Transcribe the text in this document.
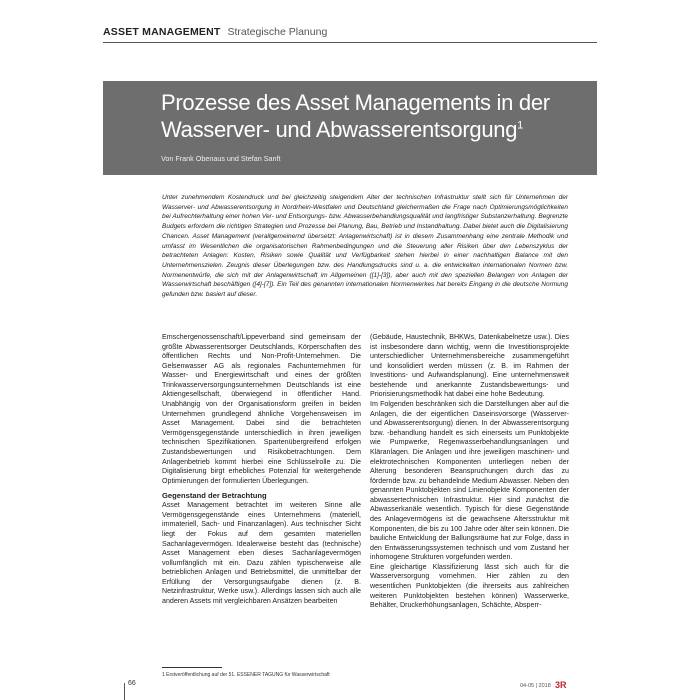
ASSET MANAGEMENT Strategische Planung
Prozesse des Asset Managements in der Wasserver- und Abwasserentsorgung$^1$
Von Frank Obenaus und Stefan Sanft

Unter zunehmendem Kostendruck und bei gleichzeitig steigendem Alter der technischen Infrastruktur stellt sich für Unternehmen der Wasserver- und Abwasserentsorgung in Nordrhein-Westfalen und Deutschland gleichermaßen die Frage nach Optimierungsmöglichkeiten bei Aufrechterhaltung einer hohen Ver- und Entsorgungs- bzw. Abwasserbehandlungsqualität und langfristiger Substanzerhaltung. Begrenzte Budgets erfordern die richtigen Strategien und Prozesse bei Planung, Bau, Betrieb und Instandhaltung. Dabei bietet auch die Digitalisierung Chancen. Asset Management (verallgemeinernd übersetzt: Anlagenwirtschaft) ist in diesem Zusammenhang eine zentrale Methodik und umfasst im Wesentlichen die organisatorischen Rahmenbedingungen und die Steuerung aller Risiken über den Lebenszyklus der betrachteten Anlagen: Kosten, Risiken sowie Qualität und Verfügbarkeit stehen hierbei in einer nachhaltigen Balance mit den Unternehmenszielen. Zeugnis dieser Überlegungen bzw. des Handlungsdrucks sind u. a. die entwickelten internationalen Normen bzw. Normenentwürfe, die sich mit der Anlagenwirtschaft im Allgemeinen ([1]-[3]), aber auch mit den speziellen Belangen von Anlagen der Wasserwirtschaft beschäftigen ([4]-[7]). Ein Teil des genannten internationalen Normenwerkes hat bereits Eingang in die deutsche Normung gefunden bzw. basiert auf dieser.

Emschergenossenschaft/Lippeverband sind gemeinsam der größte Abwasserentsorger Deutschlands, Körperschaften des öffentlichen Rechts und Non-Profit-Unternehmen. Die Gelsenwasser AG als regionales Fachunternehmen für Wasser- und Energiewirtschaft und eines der größten Trinkwasserversorgungsunternehmen Deutschlands ist eine Aktiengesellschaft, überwiegend in öffentlicher Hand. Unabhängig von der Organisationsform greifen in beiden Unternehmen grundlegend ähnliche Vorgehensweisen im Asset Management. Dabei sind die betrachteten Vermögensgegenstände unterschiedlich in ihren jeweiligen technischen Spezifikationen. Spartenübergreifend erfolgen Zustandsbewertungen und Risikobetrachtungen. Dem Anlagenbetrieb kommt hierbei eine Schlüsselrolle zu. Die Digitalisierung birgt erhebliches Potenzial für weitergehende Optimierungen der formulierten Überlegungen.

Gegenstand der Betrachtung

Asset Management betrachtet im weiteren Sinne alle Vermögensgegenstände eines Unternehmens (materiell, immateriell, Sach- und Finanzanlagen). Aus technischer Sicht liegt der Fokus auf dem gesamten materiellen Sachanlagevermögen. Idealerweise besteht das (technische) Asset Management eben dieses Sachanlagevermögen vollumfänglich mit ein. Dazu zählen typischerweise alle betrieblichen Anlagen und Betriebsmittel, die unmittelbar der Erfüllung der Versorgungsaufgabe dienen (z. B. Netzinfrastruktur, Werke usw.). Allerdings lassen sich auch alle anderen Assets mit vergleichbaren Ansätzen bearbeiten

(Gebäude, Haustechnik, BHKWs, Datenkabelnetze usw.). Dies ist insbesondere dann wichtig, wenn die Investitionsprojekte unterschiedlicher Unternehmensbereiche zusammengeführt und konsolidiert werden müssen (z. B. im Rahmen der Investitions- und Aufwandsplanung). Eine unternehmensweit bestehende und anerkannte Zustandsbewertungs- und Priorisierungsmethodik hat dabei eine hohe Bedeutung.

Im Folgenden beschränken sich die Darstellungen aber auf die Anlagen, die der eigentlichen Daseinsvorsorge (Wasserver- und Abwasserentsorgung) dienen. In der Abwasserentsorgung bzw. -behandlung handelt es sich einerseits um Punktobjekte wie Pumpwerke, Regenwasserbehandlungsanlagen und Kläranlagen. Die Anlagen und ihre jeweiligen maschinen- und elektrotechnischen Komponenten unterliegen neben der Alterung besonderen Beanspruchungen durch das zu fördernde bzw. zu behandelnde Medium Abwasser. Neben den genannten Punktobjekten sind Linienobjekte Komponenten der abwassertechnischen Infrastruktur. Hier sind zunächst die Abwasserkanäle wesentlich. Typisch für diese Gegenstände des Anlagevermögens ist die gewachsene Altersstruktur mit Komponenten, die bis zu 100 Jahre oder älter sein können. Die bauliche Entwicklung der Ballungsräume hat zur Folge, dass in den Entwässerungssystemen technisch und vom Zustand her inhomogene Strukturen vorgefunden werden.

Eine gleichartige Klassifizierung lässt sich auch für die Wasserversorgung vornehmen. Hier zählen zu den wesentlichen Punktobjekten (die ihrerseits aus zahlreichen weiteren Punktobjekten bestehen können) Wasserwerke, Behälter, Druckerhöhungsanlagen, Schächte, Absperr-

1 Erstveröffentlichung auf der 51. ESSENER TAGUNG für Wasserwirtschaft
66	04-05 | 2018 3R
